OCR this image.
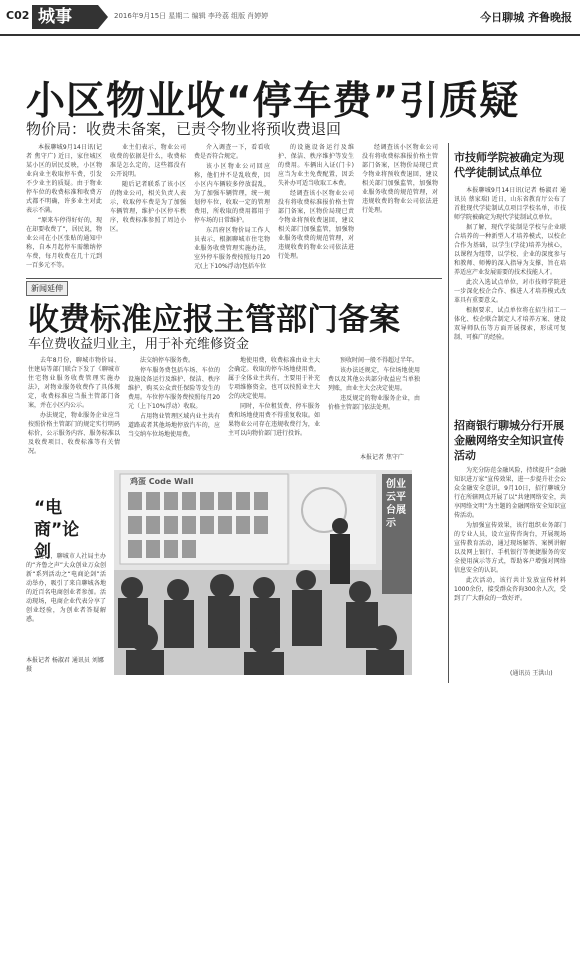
C02 城事	2016年9月15日 星期二 编辑 李玲荔 组版 肖婷婷	今日聊城 齐鲁晚报
小区物业收“停车费”引质疑
物价局：收费未备案，已责令物业将预收费退回

本报聊城9月14日讯(记者 焦守广) 近日，家住城区某小区的居民反映，小区物业向业主收取停车费，引发不少业主的质疑。由于物业停车位的收费标准和收费方式都不明确，许多业主对此表示不满。

“原来车停得好好的，现在却要收费了”，居民说，物业公司在小区张贴的通知中称，自本月起停车需缴纳停车费，每月收费在几十元到一百多元不等。

业主们表示，物业公司收费的依据是什么，收费标准是怎么定的，这些都没有公开说明。

随后记者联系了该小区的物业公司，相关负责人表示，收取停车费是为了加强车辆管理，维护小区停车秩序，收费标准参照了周边小区。

介入调查一下，看看收费是否符合规定。

该小区物业公司回应称，他们并不是乱收费，因小区内车辆较多停放混乱，为了加强车辆管理，统一规划停车位，收取一定的管理费用，所收取的费用都用于停车场的日常维护。

东昌府区物价局工作人员表示，根据聊城市住宅物业服务收费管理实施办法，室外停车服务费按照每月20元(上下10%浮动)包括车位

的设施设备运行及维护、保洁、秩序维护等发生的费用。车辆出入证(门卡)应当为业主免费配置，因丢失补办可适当收取工本费。

经调查该小区物业公司没有将收费标准报价格主管部门备案，区物价局现已责令物业将预收费退回，建议相关部门加强监管，加强物业服务收费的规范管理，对违规收费的物业公司依法进行处理。

经调查该小区物业公司没有将收费标准报价格主管部门备案，区物价局现已责令物业将预收费退回，建议相关部门加强监管，加强物业服务收费的规范管理，对违规收费的物业公司依法进行处理。

新闻延伸
收费标准应报主管部门备案
车位费收益归业主，用于补充维修资金

去年8月份，聊城市物价局、住建局等部门联合下发了《聊城市住宅物业服务收费管理实施办法》，对物业服务收费作了具体规定，收费标准应当报主管部门备案，并在小区内公示。

办法规定，物业服务企业应当按照价格主管部门的规定实行明码标价，公示服务内容、服务标准以及收费项目、收费标准等有关情况。

法交纳停车服务费。

停车服务费包括车场、车位的设施设备运行及维护、保洁、秩序维护、购买公众责任保险等发生的费用。车位停车服务费按照每月20元（上下10%浮动）收取。

占用物业管理区域内业主共有道路或者其他场地停放汽车的，应当交纳车位场地使用费。

地使用费，收费标准由业主大会确定。收取的停车场地使用费，属于全体业主共有，主要用于补充专项维修资金，也可以按照业主大会的决定使用。

同时，车位租赁费、停车服务费和场地使用费不得重复收取。如果物业公司存在违规收费行为，业主可以向物价部门进行投诉。

预收时间一般不得超过半年。

该办法还规定，车位场地使用费以及其他公共部分收益应当单独列账，由业主大会决定使用。

违反规定的物业服务企业，由价格主管部门依法处理。

本报记者 焦守广
“电商”论剑

近日，聊城市人社局主办的“齐鲁之声”大众创业万众创新“系列活动之“电商论剑”活动举办，吸引了来自聊城各地的近百名电商创业者参加。活动现场，电商企业代表分享了创业经验，为创业者答疑解惑。

本报记者 杨淑君 通讯员 刘娜 摄
鸡蛋 Code Wall	创业云平台展示
市技师学院被确定为现代学徒制试点单位

本报聊城9月14日讯(记者 杨淑君 通讯员 蔡家瑞) 近日，山东省教育厅公布了首批现代学徒制试点项目学校名单，市技师学院被确定为现代学徒制试点单位。

据了解，现代学徒制是学校与企业联合培养的一种新型人才培养模式，以校企合作为基础，以学生(学徒)培养为核心，以课程为纽带，以学校、企业的深度参与和教师、师傅的深入指导为支撑，旨在培养适应产业发展需要的技术技能人才。

此次入选试点单位，对市技师学院进一步深化校企合作、推进人才培养模式改革具有重要意义。

根据要求，试点单位将在招生招工一体化、校企联合制定人才培养方案、建设双导师队伍等方面开展探索，形成可复制、可推广的经验。

招商银行聊城分行开展金融网络安全知识宣传活动

为充分防范金融风险，持续提升“金融知识进万家”宣传效果，进一步提升社会公众金融安全意识，9月10日，招行聊城分行在所辖网点开展了以“共建网络安全，共享网络文明”为主题的金融网络安全知识宣传活动。

为加强宣传效果，该行组织业务部门的专业人员，设立宣传咨询台，开展现场宣传教育活动，通过现场解答、案例讲解以及网上银行、手机银行等便捷服务的安全使用演示等方式，帮助客户增强对网络信息安全的认识。

此次活动，该行共计发放宣传材料1000余份，接受群众咨询300余人次，受到了广大群众的一致好评。

(通讯员 王洪山)
